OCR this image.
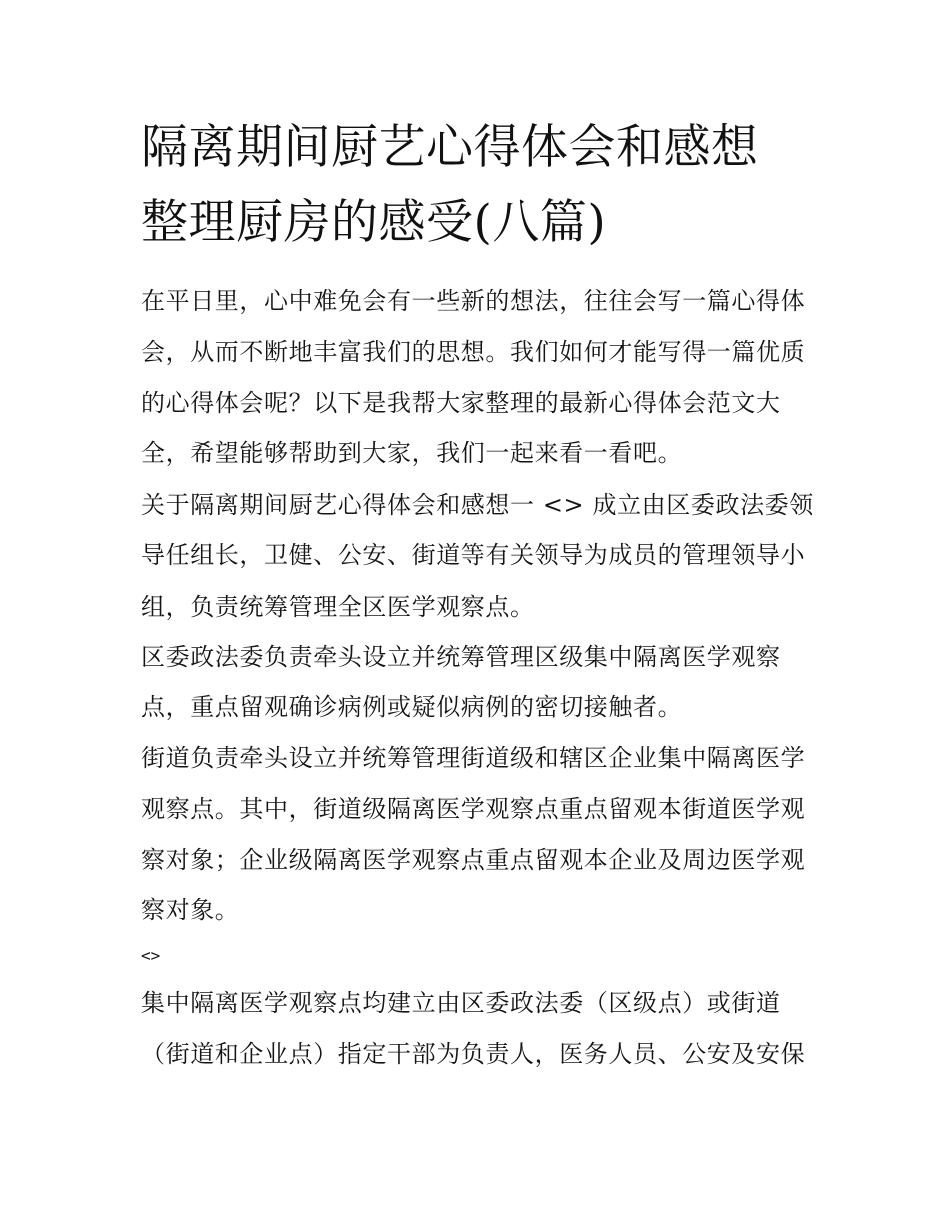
隔离期间厨艺心得体会和感想
整理厨房的感受(八篇)
在平日里，心中难免会有一些新的想法，往往会写一篇心得体
会，从而不断地丰富我们的思想。我们如何才能写得一篇优质
的心得体会呢？以下是我帮大家整理的最新心得体会范文大
全，希望能够帮助到大家，我们一起来看一看吧。
关于隔离期间厨艺心得体会和感想一 <> 成立由区委政法委领
导任组长，卫健、公安、街道等有关领导为成员的管理领导小
组，负责统筹管理全区医学观察点。
区委政法委负责牵头设立并统筹管理区级集中隔离医学观察
点，重点留观确诊病例或疑似病例的密切接触者。
街道负责牵头设立并统筹管理街道级和辖区企业集中隔离医学
观察点。其中，街道级隔离医学观察点重点留观本街道医学观
察对象；企业级隔离医学观察点重点留观本企业及周边医学观
察对象。
<>
集中隔离医学观察点均建立由区委政法委（区级点）或街道
（街道和企业点）指定干部为负责人，医务人员、公安及安保
